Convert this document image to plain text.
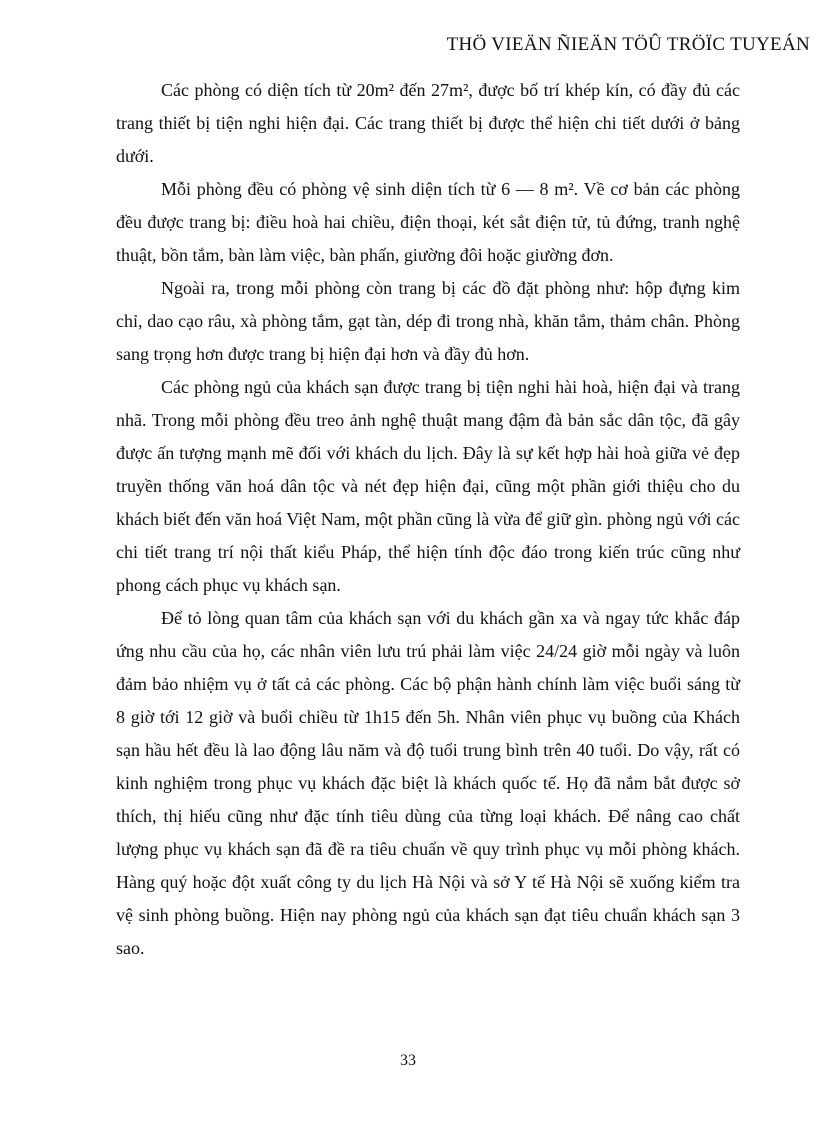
THÖ VIEÄN ÑIEÄN TÖÛ TRÖÏC TUYEÁN

Các phòng có diện tích từ 20m² đến 27m², được bố trí khép kín, có đầy đủ các trang thiết bị tiện nghi hiện đại. Các trang thiết bị được thể hiện chi tiết dưới ở bảng dưới.

Mỗi phòng đều có phòng vệ sinh diện tích từ 6 — 8 m². Về cơ bản các phòng đều được trang bị: điều hoà hai chiều, điện thoại, két sắt điện tử, tủ đứng, tranh nghệ thuật, bồn tắm, bàn làm việc, bàn phấn, giường đôi hoặc giường đơn.

Ngoài ra, trong mỗi phòng còn trang bị các đồ đặt phòng như: hộp đựng kim chỉ, dao cạo râu, xà phòng tắm, gạt tàn, dép đi trong nhà, khăn tắm, thảm chân. Phòng sang trọng hơn được trang bị hiện đại hơn và đầy đủ hơn.

Các phòng ngủ của khách sạn được trang bị tiện nghi hài hoà, hiện đại và trang nhã. Trong mỗi phòng đều treo ảnh nghệ thuật mang đậm đà bản sắc dân tộc, đã gây được ấn tượng mạnh mẽ đối với khách du lịch. Đây là sự kết hợp hài hoà giữa vẻ đẹp truyền thống văn hoá dân tộc và nét đẹp hiện đại, cũng một phần giới thiệu cho du khách biết đến văn hoá Việt Nam, một phần cũng là vừa để giữ gìn. phòng ngủ với các chi tiết trang trí nội thất kiểu Pháp, thể hiện tính độc đáo trong kiến trúc cũng như phong cách phục vụ khách sạn.

Để tỏ lòng quan tâm của khách sạn với du khách gần xa và ngay tức khắc đáp ứng nhu cầu của họ, các nhân viên lưu trú phải làm việc 24/24 giờ mỗi ngày và luôn đảm bảo nhiệm vụ ở tất cả các phòng. Các bộ phận hành chính làm việc buổi sáng từ 8 giờ tới 12 giờ và buổi chiều từ 1h15 đến 5h. Nhân viên phục vụ buồng của Khách sạn hầu hết đều là lao động lâu năm và độ tuổi trung bình trên 40 tuổi. Do vậy, rất có kinh nghiệm trong phục vụ khách đặc biệt là khách quốc tế. Họ đã nắm bắt được sở thích, thị hiếu cũng như đặc tính tiêu dùng của từng loại khách. Để nâng cao chất lượng phục vụ khách sạn đã đề ra tiêu chuẩn về quy trình phục vụ mỗi phòng khách. Hàng quý hoặc đột xuất công ty du lịch Hà Nội và sở Y tế Hà Nội sẽ xuống kiểm tra vệ sinh phòng buồng. Hiện nay phòng ngủ của khách sạn đạt tiêu chuẩn khách sạn 3 sao.

33
